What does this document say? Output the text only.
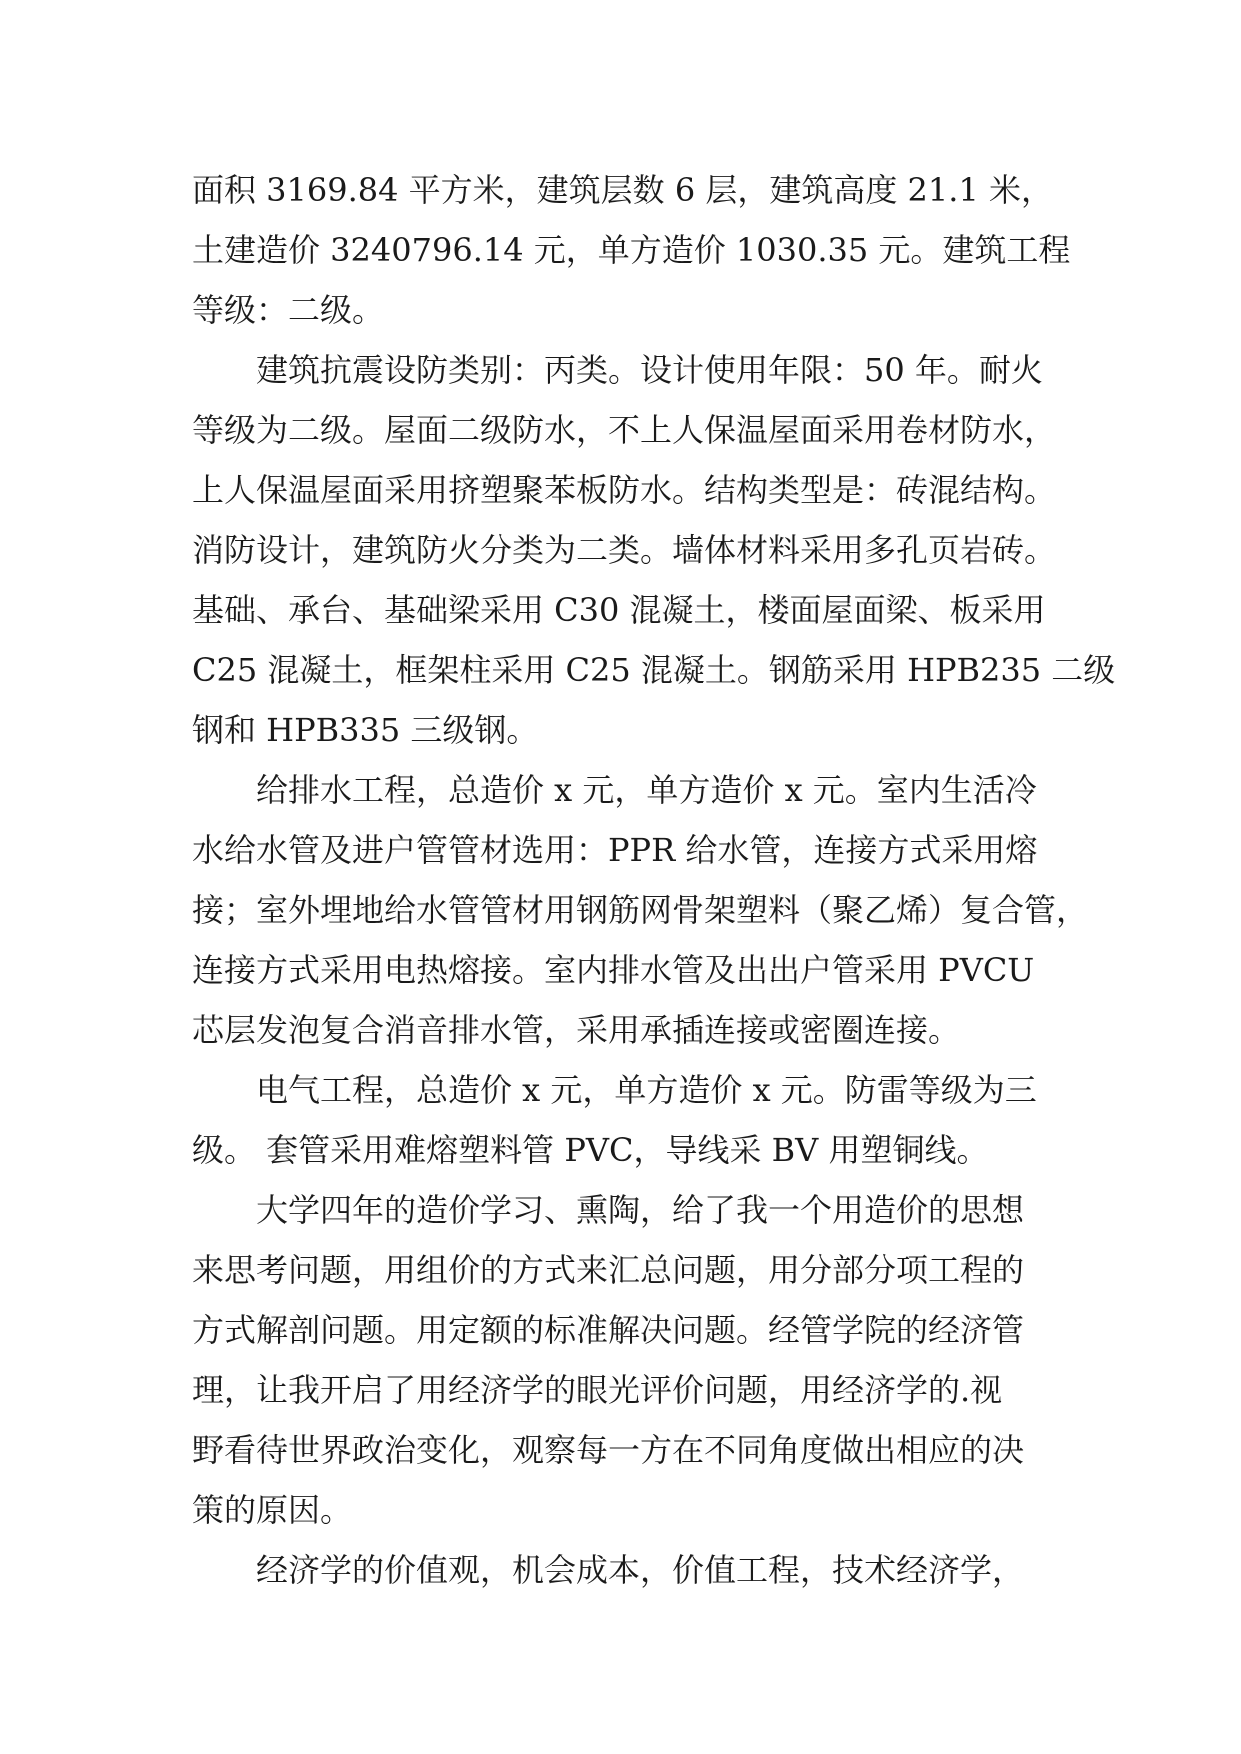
面积 3169.84 平方米，建筑层数 6 层，建筑高度 21.1 米，
土建造价 3240796.14 元，单方造价 1030.35 元。建筑工程
等级：二级。
建筑抗震设防类别：丙类。设计使用年限：50 年。耐火
等级为二级。屋面二级防水，不上人保温屋面采用卷材防水，
上人保温屋面采用挤塑聚苯板防水。结构类型是：砖混结构。
消防设计，建筑防火分类为二类。墙体材料采用多孔页岩砖。
基础、承台、基础梁采用 C30 混凝土，楼面屋面梁、板采用
C25 混凝土，框架柱采用 C25 混凝土。钢筋采用 HPB235 二级
钢和 HPB335 三级钢。
给排水工程，总造价 x 元，单方造价 x 元。室内生活冷
水给水管及进户管管材选用：PPR 给水管，连接方式采用熔
接；室外埋地给水管管材用钢筋网骨架塑料（聚乙烯）复合管，
连接方式采用电热熔接。室内排水管及出出户管采用 PVCU
芯层发泡复合消音排水管，采用承插连接或密圈连接。
电气工程，总造价 x 元，单方造价 x 元。防雷等级为三
级。 套管采用难熔塑料管 PVC，导线采 BV 用塑铜线。
大学四年的造价学习、熏陶，给了我一个用造价的思想
来思考问题，用组价的方式来汇总问题，用分部分项工程的
方式解剖问题。用定额的标准解决问题。经管学院的经济管
理，让我开启了用经济学的眼光评价问题，用经济学的.视
野看待世界政治变化，观察每一方在不同角度做出相应的决
策的原因。
经济学的价值观，机会成本，价值工程，技术经济学，
